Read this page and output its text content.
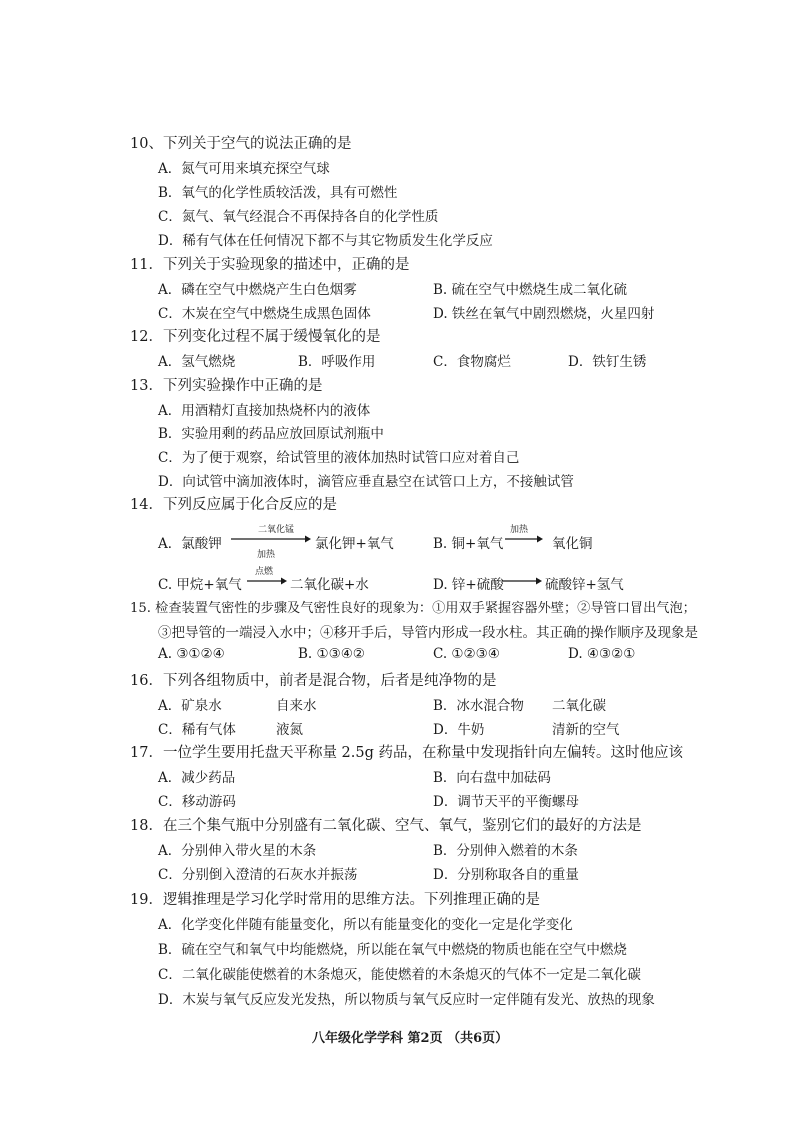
10、下列关于空气的说法正确的是
A．氮气可用来填充探空气球
B．氧气的化学性质较活泼，具有可燃性
C．氮气、氧气经混合不再保持各自的化学性质
D．稀有气体在任何情况下都不与其它物质发生化学反应
11．下列关于实验现象的描述中，正确的是
A．磷在空气中燃烧产生白色烟雾	B. 硫在空气中燃烧生成二氧化硫
C．木炭在空气中燃烧生成黑色固体	D. 铁丝在氧气中剧烈燃烧，火星四射
12．下列变化过程不属于缓慢氧化的是
A．氢气燃烧	B．呼吸作用	C．食物腐烂	D．铁钉生锈
13．下列实验操作中正确的是
A．用酒精灯直接加热烧杯内的液体
B．实验用剩的药品应放回原试剂瓶中
C．为了便于观察，给试管里的液体加热时试管口应对着自己
D．向试管中滴加液体时，滴管应垂直悬空在试管口上方，不接触试管
14．下列反应属于化合反应的是
A．氯酸钾
二氧化锰
加热
氯化钾+氧气	B. 铜+氧气
加热
→ 氧化铜
C. 甲烷+氧气
点燃
→ 二氧化碳+水	D. 锌+硫酸 → 硫酸锌+氢气
15. 检查装置气密性的步骤及气密性良好的现象为：①用双手紧握容器外壁；②导管口冒出气泡；
③把导管的一端浸入水中；④移开手后，导管内形成一段水柱。其正确的操作顺序及现象是
A. ③①②④	B. ①③④②	C. ①②③④	D. ④③②①
16．下列各组物质中，前者是混合物，后者是纯净物的是
A．矿泉水	自来水	B．冰水混合物 二氧化碳
C．稀有气体	液氮	D．牛奶	清新的空气
17．一位学生要用托盘天平称量 2.5g 药品，在称量中发现指针向左偏转。这时他应该
A．减少药品	B．向右盘中加砝码
C．移动游码	D．调节天平的平衡螺母
18．在三个集气瓶中分别盛有二氧化碳、空气、氧气，鉴别它们的最好的方法是
A．分别伸入带火星的木条	B．分别伸入燃着的木条
C．分别倒入澄清的石灰水并振荡	D．分别称取各自的重量
19．逻辑推理是学习化学时常用的思维方法。下列推理正确的是
A．化学变化伴随有能量变化，所以有能量变化的变化一定是化学变化
B．硫在空气和氧气中均能燃烧，所以能在氧气中燃烧的物质也能在空气中燃烧
C．二氧化碳能使燃着的木条熄灭，能使燃着的木条熄灭的气体不一定是二氧化碳
D．木炭与氧气反应发光发热，所以物质与氧气反应时一定伴随有发光、放热的现象
八年级化学学科 第2页 （共6页）
